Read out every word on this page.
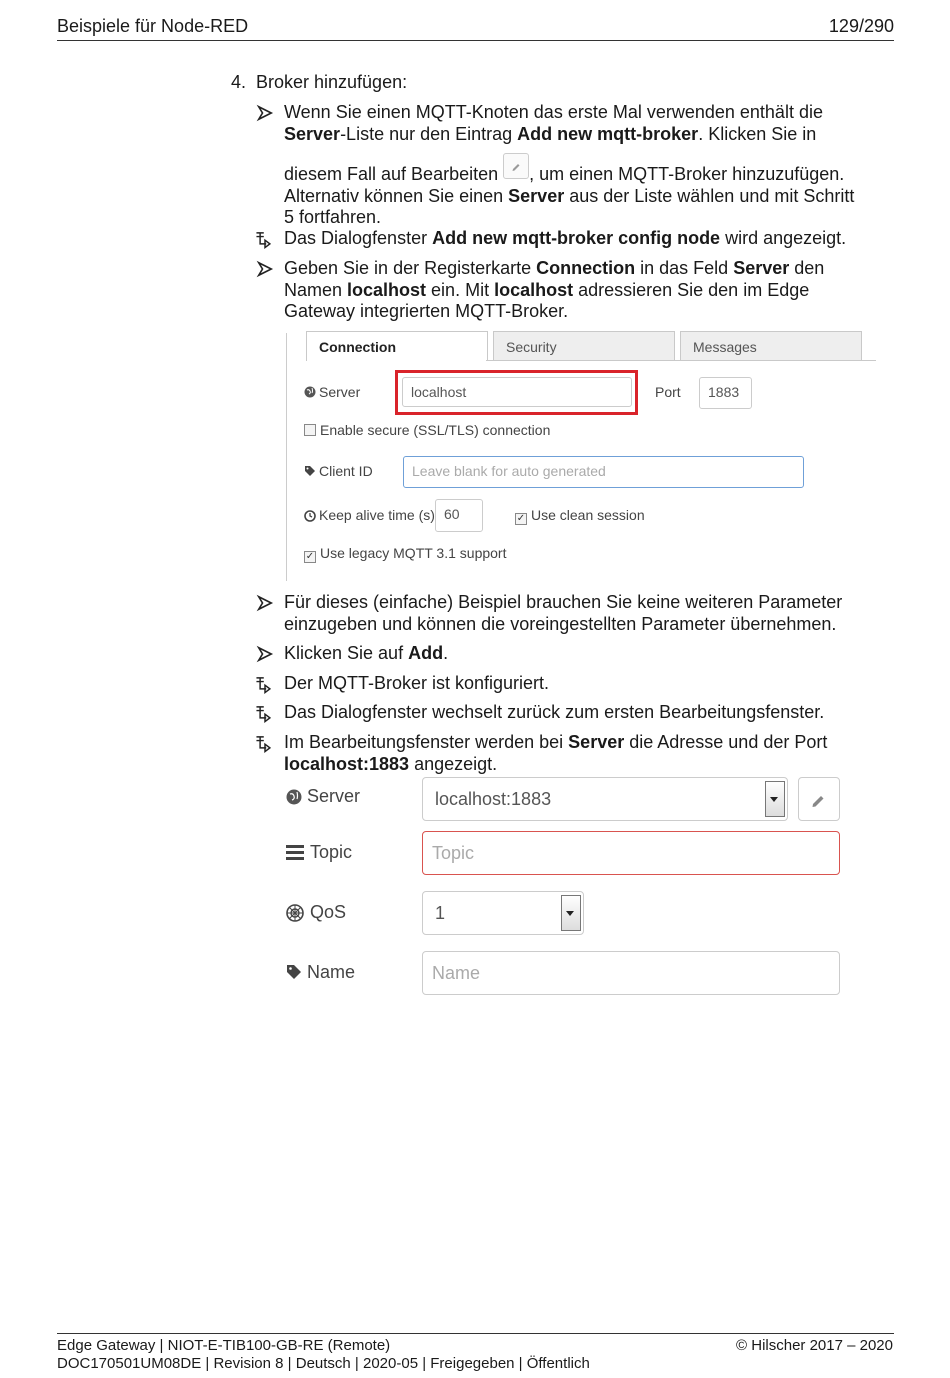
Beispiele für Node-RED	129/290
4. Broker hinzufügen:
Wenn Sie einen MQTT-Knoten das erste Mal verwenden enthält die
Server-Liste nur den Eintrag Add new mqtt-broker. Klicken Sie in
diesem Fall auf Bearbeiten , um einen MQTT-Broker hinzuzufügen.
Alternativ können Sie einen Server aus der Liste wählen und mit Schritt
5 fortfahren.
Das Dialogfenster Add new mqtt-broker config node wird angezeigt.
Geben Sie in der Registerkarte Connection in das Feld Server den
Namen localhost ein. Mit localhost adressieren Sie den im Edge
Gateway integrierten MQTT-Broker.
Connection	Security	Messages
Server	localhost	Port	1883
Enable secure (SSL/TLS) connection
Client ID	Leave blank for auto generated
Keep alive time (s) 60	✓ Use clean session
✓ Use legacy MQTT 3.1 support
Für dieses (einfache) Beispiel brauchen Sie keine weiteren Parameter
einzugeben und können die voreingestellten Parameter übernehmen.
Klicken Sie auf Add.
Der MQTT-Broker ist konfiguriert.
Das Dialogfenster wechselt zurück zum ersten Bearbeitungsfenster.
Im Bearbeitungsfenster werden bei Server die Adresse und der Port
localhost:1883 angezeigt.
Server	localhost:1883
Topic	Topic
QoS	1
Name	Name
Edge Gateway | NIOT-E-TIB100-GB-RE (Remote)
DOC170501UM08DE | Revision 8 | Deutsch | 2020-05 | Freigegeben | Öffentlich
© Hilscher 2017 – 2020
